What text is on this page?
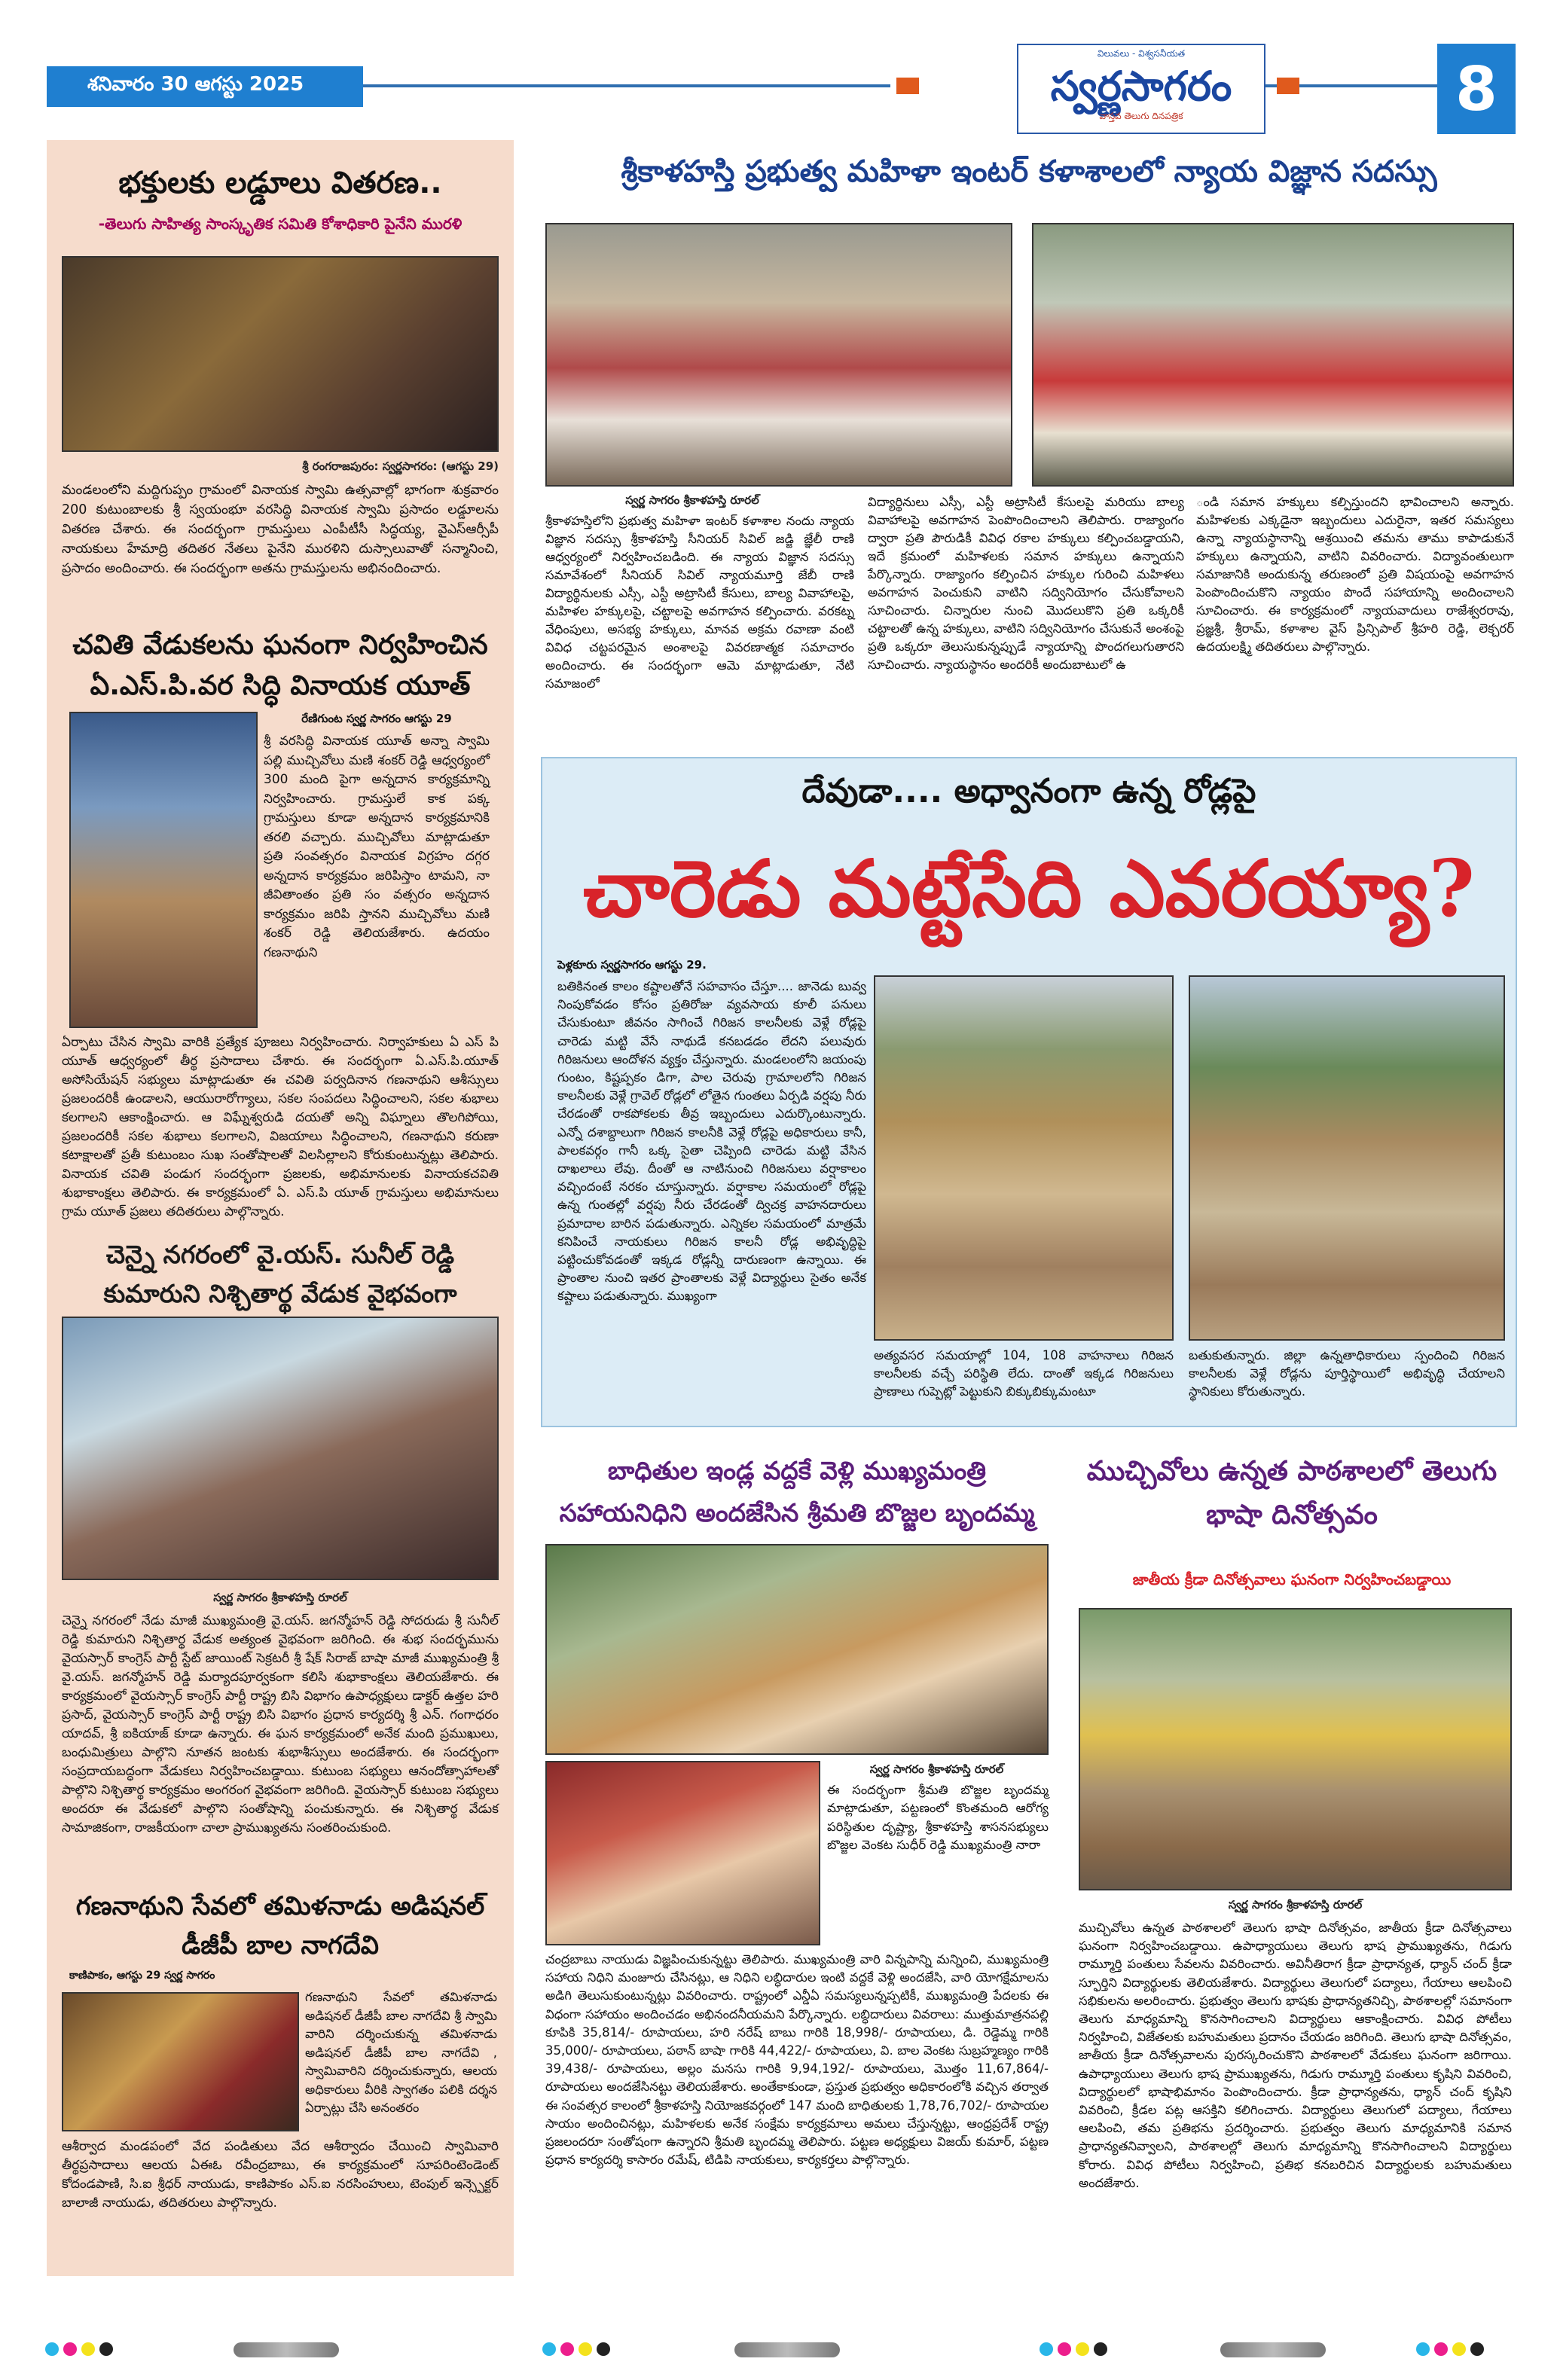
శనివారం 30 ఆగస్టు 2025
విలువలు - విశ్వసనీయత
స్వర్ణసాగరం
వాస్తవ తెలుగు దినపత్రిక	8
భక్తులకు లడ్డూలు వితరణ..
-తెలుగు సాహిత్య సాంస్కృతిక సమితి కోశాధికారి పైనేని మురళి
శ్రీ రంగరాజపురం: స్వర్ణసాగరం: (ఆగస్టు 29)
మండలంలోని మద్దిగుప్పం గ్రామంలో వినాయక స్వామి ఉత్సవాల్లో భాగంగా శుక్రవారం 200 కుటుంబాలకు శ్రీ స్వయంభూ వరసిద్ధి వినాయక స్వామి ప్రసాదం లడ్డూలను వితరణ చేశారు. ఈ సందర్భంగా గ్రామస్తులు ఎంపీటీసీ సిద్ధయ్య, వైఎస్ఆర్సీపీ నాయకులు హేమాద్రి తదితర నేతలు పైనేని మురళిని దుస్సాలువాతో సన్మానించి, ప్రసాదం అందించారు. ఈ సందర్భంగా అతను గ్రామస్తులను అభినందించారు.
చవితి వేడుకలను ఘనంగా నిర్వహించిన ఏ.ఎస్.పి.వర సిద్ధి వినాయక యూత్
రేణిగుంట స్వర్ణ సాగరం ఆగస్టు 29
శ్రీ వరసిద్ధి వినాయక యూత్ అన్నా స్వామి పల్లి ముచ్చివోలు మణి శంకర్ రెడ్డి ఆధ్వర్యంలో 300 మంది పైగా అన్నదాన కార్యక్రమాన్ని నిర్వహించారు. గ్రామస్తులే కాక పక్క గ్రామస్తులు కూడా అన్నదాన కార్యక్రమానికి తరలి వచ్చారు. ముచ్చివోలు మాట్లాడుతూ ప్రతి సంవత్సరం వినాయక విగ్రహం దగ్గర అన్నదాన కార్యక్రమం జరిపిస్తాం టామని, నా జీవితాంతం ప్రతి సం వత్సరం అన్నదాన కార్యక్రమం జరిపి స్తానని ముచ్చివోలు మణి శంకర్ రెడ్డి తెలియజేశారు. ఉదయం గణనాథుని
ఏర్పాటు చేసిన స్వామి వారికి ప్రత్యేక పూజలు నిర్వహించారు. నిర్వాహకులు ఏ ఎస్ పి యూత్ ఆధ్వర్యంలో తీర్థ ప్రసాదాలు చేశారు. ఈ సందర్భంగా ఏ.ఎస్.పి.యూత్ అసోసియేషన్ సభ్యులు మాట్లాడుతూ ఈ చవితి పర్వదినాన గణనాథుని ఆశీస్సులు ప్రజలందరికీ ఉండాలని, ఆయురారోగ్యాలు, సకల సంపదలు సిద్ధించాలని, సకల శుభాలు కలగాలని ఆకాంక్షించారు. ఆ విఘ్నేశ్వరుడి దయతో అన్ని విఘ్నాలు తొలగిపోయి, ప్రజలందరికీ సకల శుభాలు కలగాలని, విజయాలు సిద్ధించాలని, గణనాథుని కరుణా కటాక్షాలతో ప్రతీ కుటుంబం సుఖ సంతోషాలతో విలసిల్లాలని కోరుకుంటున్నట్లు తెలిపారు. వినాయక చవితి పండుగ సందర్భంగా ప్రజలకు, అభిమానులకు వినాయకచవితి శుభాకాంక్షలు తెలిపారు. ఈ కార్యక్రమంలో ఏ. ఎస్.పి యూత్ గ్రామస్తులు అభిమానులు గ్రామ యూత్ ప్రజలు తదితరులు పాల్గొన్నారు.
చెన్నై నగరంలో వై.యస్. సునీల్ రెడ్డి కుమారుని నిశ్చితార్థ వేడుక వైభవంగా
స్వర్ణ సాగరం శ్రీకాళహస్తి రూరల్
చెన్నై నగరంలో నేడు మాజీ ముఖ్యమంత్రి వై.యస్. జగన్మోహన్ రెడ్డి సోదరుడు శ్రీ సునీల్ రెడ్డి కుమారుని నిశ్చితార్థ వేడుక అత్యంత వైభవంగా జరిగింది. ఈ శుభ సందర్భమును వైయస్సార్ కాంగ్రెస్ పార్టీ స్టేట్ జాయింట్ సెక్రటరీ శ్రీ షేక్ సిరాజ్ బాషా మాజీ ముఖ్యమంత్రి శ్రీ వై.యస్. జగన్మోహన్ రెడ్డి మర్యాదపూర్వకంగా కలిసి శుభాకాంక్షలు తెలియజేశారు. ఈ కార్యక్రమంలో వైయస్సార్ కాంగ్రెస్ పార్టీ రాష్ట్ర బిసి విభాగం ఉపాధ్యక్షులు డాక్టర్ ఉత్తల హరి ప్రసాద్, వైయస్సార్ కాంగ్రెస్ పార్టీ రాష్ట్ర బిసి విభాగం ప్రధాన కార్యదర్శి శ్రీ ఎన్. గంగాధరం యాదవ్, శ్రీ ఐకియాజ్ కూడా ఉన్నారు. ఈ ఘన కార్యక్రమంలో అనేక మంది ప్రముఖులు, బంధుమిత్రులు పాల్గొని నూతన జంటకు శుభాశీస్సులు అందజేశారు. ఈ సందర్భంగా సంప్రదాయబద్ధంగా వేడుకలు నిర్వహించబడ్డాయి. కుటుంబ సభ్యులు ఆనందోత్సాహాలతో పాల్గొని నిశ్చితార్థ కార్యక్రమం అంగరంగ వైభవంగా జరిగింది. వైయస్సార్ కుటుంబ సభ్యులు అందరూ ఈ వేడుకలో పాల్గొని సంతోషాన్ని పంచుకున్నారు. ఈ నిశ్చితార్థ వేడుక సామాజికంగా, రాజకీయంగా చాలా ప్రాముఖ్యతను సంతరించుకుంది.
గణనాథుని సేవలో తమిళనాడు అడిషనల్ డీజీపీ బాల నాగదేవి
కాణిపాకం, ఆగస్టు 29 స్వర్ణ సాగరం
గణనాథుని సేవలో తమిళనాడు అడిషనల్ డీజీపీ బాల నాగదేవి శ్రీ స్వామి వారిని దర్శించుకున్న తమిళనాడు అడిషనల్ డీజీపీ బాల నాగదేవి , స్వామివారిని దర్శించుకున్నారు, ఆలయ అధికారులు వీరికి స్వాగతం పలికి దర్శన ఏర్పాట్లు చేసి అనంతరం
ఆశీర్వాద మండపంలో వేద పండితులు వేద ఆశీర్వాదం చేయించి స్వామివారి తీర్థప్రసాదాలు ఆలయ ఏఈఓ రవీంద్రబాబు, ఈ కార్యక్రమంలో సూపరింటెండెంట్ కోదండపాణి, సి.ఐ శ్రీధర్ నాయుడు, కాణిపాకం ఎస్.ఐ నరసింహులు, టెంపుల్ ఇన్స్పెక్టర్ బాలాజీ నాయుడు, తదితరులు పాల్గొన్నారు.
శ్రీకాళహస్తి ప్రభుత్వ మహిళా ఇంటర్ కళాశాలలో న్యాయ విజ్ఞాన సదస్సు
స్వర్ణ సాగరం శ్రీకాళహస్తి రూరల్
శ్రీకాళహస్తిలోని ప్రభుత్వ మహిళా ఇంటర్ కళాశాల నందు న్యాయ విజ్ఞాన సదస్సు శ్రీకాళహస్తి సీనియర్ సివిల్ జడ్జి జ్ఞేలీ రాణి ఆధ్వర్యంలో నిర్వహించబడింది. ఈ న్యాయ విజ్ఞాన సదస్సు సమావేశంలో సీనియర్ సివిల్ న్యాయమూర్తి జేబీ రాణి విద్యార్థినులకు ఎస్సీ, ఎస్టీ అట్రాసిటీ కేసులు, బాల్య వివాహాలపై, మహిళల హక్కులపై, చట్టాలపై అవగాహన కల్పించారు. వరకట్న వేధింపులు, అసభ్య హక్కులు, మానవ అక్రమ రవాణా వంటి వివిధ చట్టపరమైన అంశాలపై వివరణాత్మక సమాచారం అందించారు. ఈ సందర్భంగా ఆమె మాట్లాడుతూ, నేటి సమాజంలో
విద్యార్థినులు ఎస్సీ, ఎస్టీ అట్రాసిటీ కేసులపై మరియు బాల్య వివాహాలపై అవగాహన పెంపొందించాలని తెలిపారు. రాజ్యాంగం ద్వారా ప్రతి పౌరుడికీ వివిధ రకాల హక్కులు కల్పించబడ్డాయని, ఇదే క్రమంలో మహిళలకు సమాన హక్కులు ఉన్నాయని పేర్కొన్నారు. రాజ్యాంగం కల్పించిన హక్కుల గురించి మహిళలు అవగాహన పెంచుకుని వాటిని సద్వినియోగం చేసుకోవాలని సూచించారు. చిన్నారుల నుంచి మొదలుకొని ప్రతి ఒక్కరికీ చట్టాలతో ఉన్న హక్కులు, వాటిని సద్వినియోగం చేసుకునే అంశంపై ప్రతి ఒక్కరూ తెలుసుకున్నప్పుడే న్యాయాన్ని పొందగలుగుతారని సూచించారు. న్యాయస్థానం అందరికీ అందుబాటులో ఉ
ండి సమాన హక్కులు కల్పిస్తుందని భావించాలని అన్నారు. మహిళలకు ఎక్కడైనా ఇబ్బందులు ఎదురైనా, ఇతర సమస్యలు ఉన్నా న్యాయస్థానాన్ని ఆశ్రయించి తమను తాము కాపాడుకునే హక్కులు ఉన్నాయని, వాటిని వివరించారు. విద్యావంతులుగా సమాజానికి అందుకున్న తరుణంలో ప్రతి విషయంపై అవగాహన పెంపొందించుకొని న్యాయం పొందే సహాయాన్ని అందించాలని సూచించారు. ఈ కార్యక్రమంలో న్యాయవాదులు రాజేశ్వరరావు, ప్రజ్ఞశ్రీ, శ్రీరామ్, కళాశాల వైస్ ప్రిన్సిపాల్ శ్రీహరి రెడ్డి, లెక్చరర్ ఉదయలక్ష్మి తదితరులు పాల్గొన్నారు.
దేవుడా.... అధ్వానంగా ఉన్న రోడ్లపై
చారెడు మట్టేసేది ఎవరయ్యా?
పెళ్లకూరు స్వర్ణసాగరం ఆగస్టు 29.
బతికినంత కాలం కష్టాలతోనే సహవాసం చేస్తూ.... జానెడు బువ్వ నింపుకోవడం కోసం ప్రతిరోజు వ్యవసాయ కూలీ పనులు చేసుకుంటూ జీవనం సాగించే గిరిజన కాలనీలకు వెళ్లే రోడ్లపై చారెడు మట్టి వేసే నాథుడే కనబడడం లేదని పలువురు గిరిజనులు ఆందోళన వ్యక్తం చేస్తున్నారు. మండలంలోని జయంపు గుంటం, కిష్టప్పకం డిగా, పాల చెరువు గ్రామాలలోని గిరిజన కాలనీలకు వెళ్లే గ్రావెల్ రోడ్లలో లోతైన గుంతలు ఏర్పడి వర్షపు నీరు చేరడంతో రాకపోకలకు తీవ్ర ఇబ్బందులు ఎదుర్కొంటున్నారు. ఎన్నో దశాబ్దాలుగా గిరిజన కాలనీకి వెళ్లే రోడ్లపై అధికారులు కానీ, పాలకవర్గం గానీ ఒక్క సైతా చెప్పింది చారెడు మట్టి వేసిన దాఖలాలు లేవు. దీంతో ఆ నాటినుంచి గిరిజనులు వర్షాకాలం వచ్చిందంటే నరకం చూస్తున్నారు. వర్షాకాల సమయంలో రోడ్లపై ఉన్న గుంతల్లో వర్షపు నీరు చేరడంతో ద్విచక్ర వాహనదారులు ప్రమాదాల బారిన పడుతున్నారు. ఎన్నికల సమయంలో మాత్రమే కనిపించే నాయకులు గిరిజన కాలనీ రోడ్ల అభివృద్ధిపై పట్టించుకోవడంతో ఇక్కడ రోడ్లన్నీ దారుణంగా ఉన్నాయి. ఈ ప్రాంతాల నుంచి ఇతర ప్రాంతాలకు వెళ్లే విద్యార్థులు సైతం అనేక కష్టాలు పడుతున్నారు. ముఖ్యంగా
అత్యవసర సమయాల్లో 104, 108 వాహనాలు గిరిజన కాలనీలకు వచ్చే పరిస్థితి లేదు. దాంతో ఇక్కడ గిరిజనులు ప్రాణాలు గుప్పెట్లో పెట్టుకుని బిక్కుబిక్కుమంటూ
బతుకుతున్నారు. జిల్లా ఉన్నతాధికారులు స్పందించి గిరిజన కాలనీలకు వెళ్లే రోడ్లను పూర్తిస్థాయిలో అభివృద్ధి చేయాలని స్థానికులు కోరుతున్నారు.
బాధితుల ఇండ్ల వద్దకే వెళ్లి ముఖ్యమంత్రి సహాయనిధిని అందజేసిన శ్రీమతి బొజ్జల బృందమ్మ
స్వర్ణ సాగరం శ్రీకాళహస్తి రూరల్
ఈ సందర్భంగా శ్రీమతి బొజ్జల బృందమ్మ మాట్లాడుతూ, పట్టణంలో కొంతమంది ఆరోగ్య పరిస్థితుల దృష్ట్యా, శ్రీకాళహస్తి శాసనసభ్యులు బొజ్జల వెంకట సుధీర్ రెడ్డి ముఖ్యమంత్రి నారా
చంద్రబాబు నాయుడు విజ్ఞపించుకున్నట్టు తెలిపారు. ముఖ్యమంత్రి వారి విన్నపాన్ని మన్నించి, ముఖ్యమంత్రి సహాయ నిధిని మంజూరు చేసినట్లు, ఆ నిధిని లబ్ధిదారుల ఇంటి వద్దకే వెళ్లి అందజేసి, వారి యోగక్షేమాలను అడిగి తెలుసుకుంటున్నట్లు వివరించారు. రాష్ట్రంలో ఎన్డీఏ సమస్యలున్నప్పటికీ, ముఖ్యమంత్రి పేదలకు ఈ విధంగా సహాయం అందించడం అభినందనీయమని పేర్కొన్నారు. లబ్ధిదారులు వివరాలు: ముత్తుమాత్రనపల్లి కూపికి 35,814/- రూపాయలు, హరి నరేష్ బాబు గారికి 18,998/- రూపాయలు, డి. రెడ్డెమ్మ గారికి 35,000/- రూపాయలు, పఠాన్ బాషా గారికి 44,422/- రూపాయలు, వి. బాల వెంకట సుబ్రహ్మణ్యం గారికి 39,438/- రూపాయలు, అల్లం మనసు గారికి 9,94,192/- రూపాయలు, మొత్తం 11,67,864/- రూపాయలు అందజేసినట్టు తెలియజేశారు. అంతేకాకుండా, ప్రస్తుత ప్రభుత్వం అధికారంలోకి వచ్చిన తర్వాత ఈ సంవత్సర కాలంలో శ్రీకాళహస్తి నియోజకవర్గంలో 147 మంది బాధితులకు 1,78,76,702/- రూపాయల సాయం అందించినట్లు, మహిళలకు అనేక సంక్షేమ కార్యక్రమాలు అమలు చేస్తున్నట్టు, ఆంధ్రప్రదేశ్ రాష్ట్ర ప్రజలందరూ సంతోషంగా ఉన్నారని శ్రీమతి బృందమ్మ తెలిపారు. పట్టణ అధ్యక్షులు విజయ్ కుమార్, పట్టణ ప్రధాన కార్యదర్శి కాసారం రమేష్, టిడిపి నాయకులు, కార్యకర్తలు పాల్గొన్నారు.
ముచ్చివోలు ఉన్నత పాఠశాలలో తెలుగు భాషా దినోత్సవం
జాతీయ క్రీడా దినోత్సవాలు ఘనంగా నిర్వహించబడ్డాయి
స్వర్ణ సాగరం శ్రీకాళహస్తి రూరల్
ముచ్చివోలు ఉన్నత పాఠశాలలో తెలుగు భాషా దినోత్సవం, జాతీయ క్రీడా దినోత్సవాలు ఘనంగా నిర్వహించబడ్డాయి. ఉపాధ్యాయులు తెలుగు భాష ప్రాముఖ్యతను, గిడుగు రామ్మూర్తి పంతులు సేవలను వివరించారు. అవినీతిరాగ క్రీడా ప్రాధాన్యత, ధ్యాన్ చంద్ క్రీడా స్ఫూర్తిని విద్యార్థులకు తెలియజేశారు. విద్యార్థులు తెలుగులో పద్యాలు, గేయాలు ఆలపించి సభికులను అలరించారు. ప్రభుత్వం తెలుగు భాషకు ప్రాధాన్యతనిచ్చి, పాఠశాలల్లో సమానంగా తెలుగు మాధ్యమాన్ని కొనసాగించాలని విద్యార్థులు ఆకాంక్షించారు. వివిధ పోటీలు నిర్వహించి, విజేతలకు బహుమతులు ప్రదానం చేయడం జరిగింది. తెలుగు భాషా దినోత్సవం, జాతీయ క్రీడా దినోత్సవాలను పురస్కరించుకొని పాఠశాలలో వేడుకలు ఘనంగా జరిగాయి. ఉపాధ్యాయులు తెలుగు భాష ప్రాముఖ్యతను, గిడుగు రామ్మూర్తి పంతులు కృషిని వివరించి, విద్యార్థులలో భాషాభిమానం పెంపొందించారు. క్రీడా ప్రాధాన్యతను, ధ్యాన్ చంద్ కృషిని వివరించి, క్రీడల పట్ల ఆసక్తిని కలిగించారు. విద్యార్థులు తెలుగులో పద్యాలు, గేయాలు ఆలపించి, తమ ప్రతిభను ప్రదర్శించారు. ప్రభుత్వం తెలుగు మాధ్యమానికి సమాన ప్రాధాన్యతనివ్వాలని, పాఠశాలల్లో తెలుగు మాధ్యమాన్ని కొనసాగించాలని విద్యార్థులు కోరారు. వివిధ పోటీలు నిర్వహించి, ప్రతిభ కనబరిచిన విద్యార్థులకు బహుమతులు అందజేశారు.
